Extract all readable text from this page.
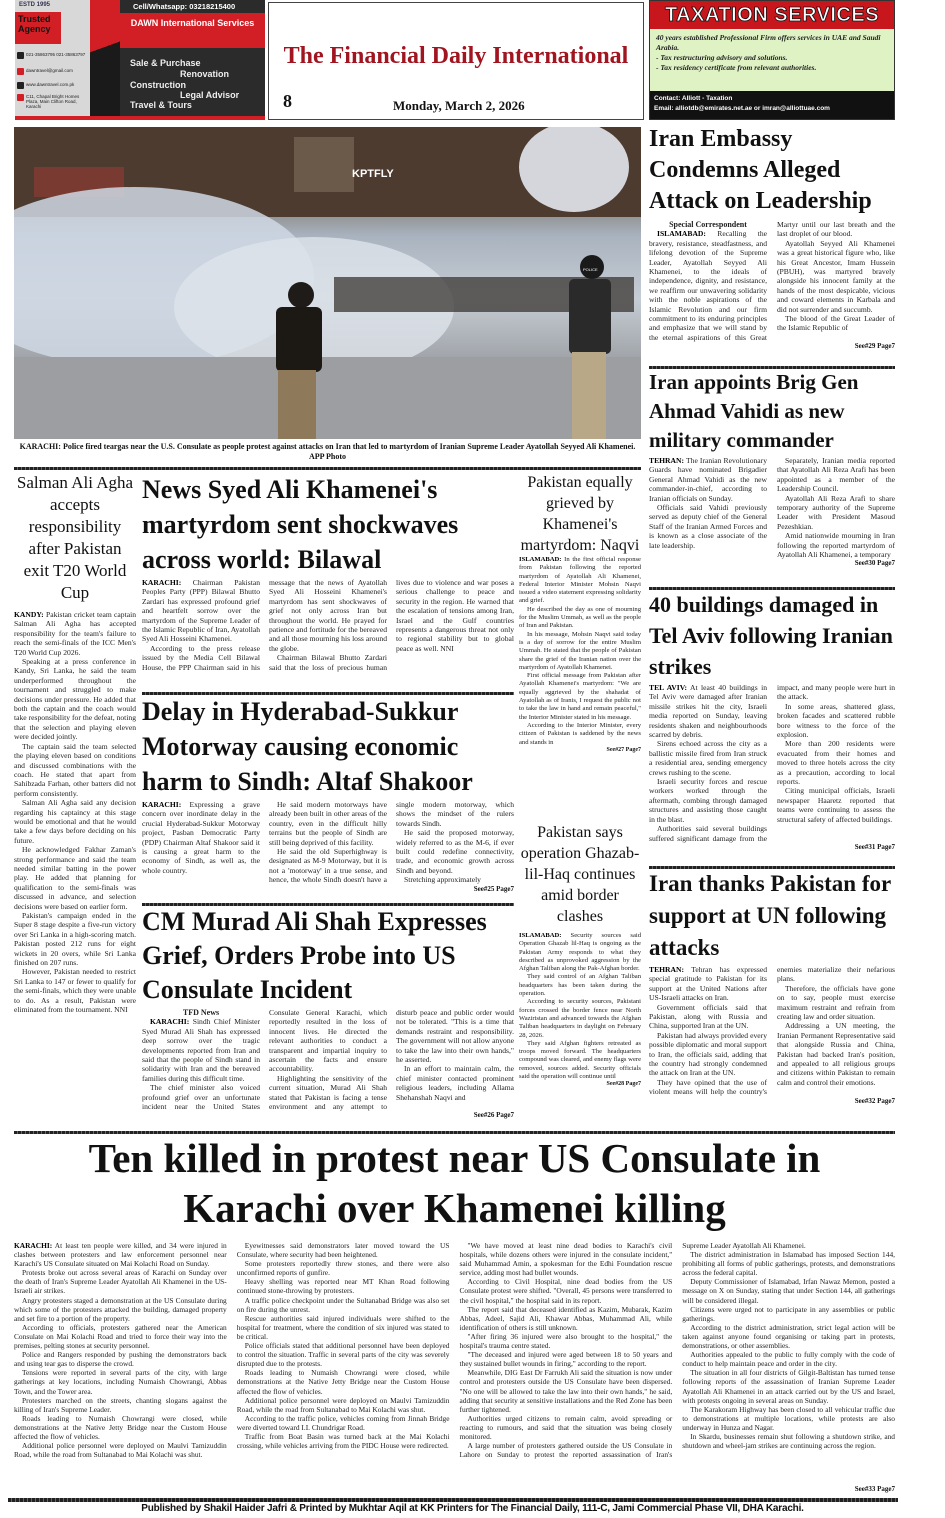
ESTD 1995
Trusted Agency
021-35863795 021-35863797
dawntravel@gmail.com
www.dawntravel.com.pk
C11, Chapal Bright Homes Plaza, Main Clifton Road, Karachi
Cell/Whatsapp: 03218215400
DAWN International Services
Sale & Purchase
Renovation
Construction
Legal Advisor
Travel & Tours
The Financial Daily International
8	Monday, March 2, 2026
TAXATION SERVICES
40 years established Professional Firm offers services in UAE and Saudi Arabia.
- Tax restructuring advisory and solutions.
- Tax residency certificate from relevant authorities.
Contact: Alliott - Taxation
Email: alliotdb@emirates.net.ae or imran@alliottuae.com
KPTFLY
POLICE
KARACHI: Police fired teargas near the U.S. Consulate as people protest against attacks on Iran that led to martyrdom of Iranian Supreme Leader Ayatollah Seyyed Ali Khamenei. APP Photo
Iran Embassy Condemns Alleged Attack on Leadership
Special Correspondent

ISLAMABAD: Recalling the bravery, resistance, steadfastness, and lifelong devotion of the Supreme Leader, Ayatollah Seyyed Ali Khamenei, to the ideals of independence, dignity, and resistance, we reaffirm our unwavering solidarity with the noble aspirations of the Islamic Revolution and our firm commitment to its enduring principles and emphasize that we will stand by the eternal aspirations of this Great Martyr until our last breath and the last droplet of our blood.

Ayatollah Seyyed Ali Khamenei was a great historical figure who, like his Great Ancestor, Imam Hussein (PBUH), was martyred bravely alongside his innocent family at the hands of the most despicable, vicious and coward elements in Karbala and did not surrender and succumb.

The blood of the Great Leader of the Islamic Republic of

See#29 Page7
Iran appoints Brig Gen Ahmad Vahidi as new military commander

TEHRAN: The Iranian Revolutionary Guards have nominated Brigadier General Ahmad Vahidi as the new commander-in-chief, according to Iranian officials on Sunday.

Officials said Vahidi previously served as deputy chief of the General Staff of the Iranian Armed Forces and is known as a close associate of the late leadership.

Separately, Iranian media reported that Ayatollah Ali Reza Arafi has been appointed as a member of the Leadership Council.

Ayatollah Ali Reza Arafi to share temporary authority of the Supreme Leader with President Masoud Pezeshkian.

Amid nationwide mourning in Iran following the reported martyrdom of Ayatollah Ali Khamenei, a temporary

See#30 Page7
40 buildings damaged in Tel Aviv following Iranian strikes

TEL AVIV: At least 40 buildings in Tel Aviv were damaged after Iranian missile strikes hit the city, Israeli media reported on Sunday, leaving residents shaken and neighbourhoods scarred by debris.

Sirens echoed across the city as a ballistic missile fired from Iran struck a residential area, sending emergency crews rushing to the scene.

Israeli security forces and rescue workers worked through the aftermath, combing through damaged structures and assisting those caught in the blast.

Authorities said several buildings suffered significant damage from the impact, and many people were hurt in the attack.

In some areas, shattered glass, broken facades and scattered rubble bore witness to the force of the explosion.

More than 200 residents were evacuated from their homes and moved to three hotels across the city as a precaution, according to local reports.

Citing municipal officials, Israeli newspaper Haaretz reported that teams were continuing to assess the structural safety of affected buildings.

See#31 Page7
Iran thanks Pakistan for support at UN following attacks

TEHRAN: Tehran has expressed special gratitude to Pakistan for its support at the United Nations after US-Israeli attacks on Iran.

Government officials said that Pakistan, along with Russia and China, supported Iran at the UN.

Pakistan had always provided every possible diplomatic and moral support to Iran, the officials said, adding that the country had strongly condemned the attack on Iran at the UN.

They have opined that the use of violent means will help the country's enemies materialize their nefarious plans.

Therefore, the officials have gone on to say, people must exercise maximum restraint and refrain from creating law and order situation.

Addressing a UN meeting, the Iranian Permanent Representative said that alongside Russia and China, Pakistan had backed Iran's position, and appealed to all religious groups and citizens within Pakistan to remain calm and control their emotions.

See#32 Page7
Salman Ali Agha accepts responsibility after Pakistan exit T20 World Cup

KANDY: Pakistan cricket team captain Salman Ali Agha has accepted responsibility for the team's failure to reach the semi-finals of the ICC Men's T20 World Cup 2026.

Speaking at a press conference in Kandy, Sri Lanka, he said the team underperformed throughout the tournament and struggled to make decisions under pressure. He added that both the captain and the coach would take responsibility for the defeat, noting that the selection and playing eleven were decided jointly.

The captain said the team selected the playing eleven based on conditions and discussed combinations with the coach. He stated that apart from Sahibzada Farhan, other batters did not perform consistently.

Salman Ali Agha said any decision regarding his captaincy at this stage would be emotional and that he would take a few days before deciding on his future.

He acknowledged Fakhar Zaman's strong performance and said the team needed similar batting in the power play. He added that planning for qualification to the semi-finals was discussed in advance, and selection decisions were based on earlier form.

Pakistan's campaign ended in the Super 8 stage despite a five-run victory over Sri Lanka in a high-scoring match. Pakistan posted 212 runs for eight wickets in 20 overs, while Sri Lanka finished on 207 runs.

However, Pakistan needed to restrict Sri Lanka to 147 or fewer to qualify for the semi-finals, which they were unable to do. As a result, Pakistan were eliminated from the tournament. NNI

News Syed Ali Khamenei's martyrdom sent shockwaves across world: Bilawal

KARACHI: Chairman Pakistan Peoples Party (PPP) Bilawal Bhutto Zardari has expressed profound grief and heartfelt sorrow over the martyrdom of the Supreme Leader of the Islamic Republic of Iran, Ayatollah Syed Ali Hosseini Khamenei.

According to the press release issued by the Media Cell Bilawal House, the PPP Chairman said in his message that the news of Ayatollah Syed Ali Hosseini Khamenei's martyrdom has sent shockwaves of grief not only across Iran but throughout the world. He prayed for patience and fortitude for the bereaved and all those mourning his loss around the globe.

Chairman Bilawal Bhutto Zardari said that the loss of precious human lives due to violence and war poses a serious challenge to peace and security in the region. He warned that the escalation of tensions among Iran, Israel and the Gulf countries represents a dangerous threat not only to regional stability but to global peace as well. NNI

Delay in Hyderabad-Sukkur Motorway causing economic harm to Sindh: Altaf Shakoor

KARACHI: Expressing a grave concern over inordinate delay in the crucial Hyderabad-Sukkur Motorway project, Pasban Democratic Party (PDP) Chairman Altaf Shakoor said it is causing a great harm to the economy of Sindh, as well as, the whole country.

He said modern motorways have already been built in other areas of the country, even in the difficult hilly terrains but the people of Sindh are still being deprived of this facility.

He said the old Superhighway is designated as M-9 Motorway, but it is not a 'motorway' in a true sense, and hence, the whole Sindh doesn't have a single modern motorway, which shows the mindset of the rulers towards Sindh.

He said the proposed motorway, widely referred to as the M-6, if ever built could redefine connectivity, trade, and economic growth across Sindh and beyond.

Stretching approximately

See#25 Page7
CM Murad Ali Shah Expresses Grief, Orders Probe into US Consulate Incident
TFD News

KARACHI: Sindh Chief Minister Syed Murad Ali Shah has expressed deep sorrow over the tragic developments reported from Iran and said that the people of Sindh stand in solidarity with Iran and the bereaved families during this difficult time.

The chief minister also voiced profound grief over an unfortunate incident near the United States Consulate General Karachi, which reportedly resulted in the loss of innocent lives. He directed the relevant authorities to conduct a transparent and impartial inquiry to ascertain the facts and ensure accountability.

Highlighting the sensitivity of the current situation, Murad Ali Shah stated that Pakistan is facing a tense environment and any attempt to disturb peace and public order would not be tolerated. "This is a time that demands restraint and responsibility. The government will not allow anyone to take the law into their own hands," he asserted.

In an effort to maintain calm, the chief minister contacted prominent religious leaders, including Allama Shehanshah Naqvi and

See#26 Page7
Pakistan equally grieved by Khamenei's martyrdom: Naqvi

ISLAMABAD: In the first official response from Pakistan following the reported martyrdom of Ayatollah Ali Khamenei, Federal Interior Minister Mohsin Naqvi issued a video statement expressing solidarity and grief.

He described the day as one of mourning for the Muslim Ummah, as well as the people of Iran and Pakistan.

In his message, Mohsin Naqvi said today is a day of sorrow for the entire Muslim Ummah. He stated that the people of Pakistan share the grief of the Iranian nation over the martyrdom of Ayatollah Khamenei.

First official message from Pakistan after Ayatollah Khamenei's martyrdom: "We are equally aggrieved by the shahadat of Ayatollah as of Iranis, I request the public not to take the law in hand and remain peaceful," the Interior Minister stated in his message.

According to the Interior Minister, every citizen of Pakistan is saddened by the news and stands in

See#27 Page7
Pakistan says operation Ghazab-lil-Haq continues amid border clashes

ISLAMABAD: Security sources said Operation Ghazab lil-Haq is ongoing as the Pakistan Army responds to what they described as unprovoked aggression by the Afghan Taliban along the Pak-Afghan border.

They said control of an Afghan Taliban headquarters has been taken during the operation.

According to security sources, Pakistani forces crossed the border fence near North Waziristan and advanced towards the Afghan Taliban headquarters in daylight on February 28, 2026.

They said Afghan fighters retreated as troops moved forward. The headquarters compound was cleared, and enemy flags were removed, sources added. Security officials said the operation will continue until

See#28 Page7
Ten killed in protest near US Consulate in Karachi over Khamenei killing

KARACHI: At least ten people were killed, and 34 were injured in clashes between protesters and law enforcement personnel near Karachi's US Consulate situated on Mai Kolachi Road on Sunday.

Protests broke out across several areas of Karachi on Sunday over the death of Iran's Supreme Leader Ayatollah Ali Khamenei in the US-Israeli air strikes.

Angry protesters staged a demonstration at the US Consulate during which some of the protesters attacked the building, damaged property and set fire to a portion of the property.

According to officials, protesters gathered near the American Consulate on Mai Kolachi Road and tried to force their way into the premises, pelting stones at security personnel.

Police and Rangers responded by pushing the demonstrators back and using tear gas to disperse the crowd.

Tensions were reported in several parts of the city, with large gatherings at key locations, including Numaish Chowrangi, Abbas Town, and the Tower area.

Protesters marched on the streets, chanting slogans against the killing of Iran's Supreme Leader.

Roads leading to Numaish Chowrangi were closed, while demonstrations at the Native Jetty Bridge near the Custom House affected the flow of vehicles.

Additional police personnel were deployed on Maulvi Tamizuddin Road, while the road from Sultanabad to Mai Kolachi was shut.

Eyewitnesses said demonstrators later moved toward the US Consulate, where security had been heightened.

Some protesters reportedly threw stones, and there were also unconfirmed reports of gunfire.

Heavy shelling was reported near MT Khan Road following continued stone-throwing by protesters.

A traffic police checkpoint under the Sultanabad Bridge was also set on fire during the unrest.

Rescue authorities said injured individuals were shifted to the hospital for treatment, where the condition of six injured was stated to be critical.

Police officials stated that additional personnel have been deployed to control the situation. Traffic in several parts of the city was severely disrupted due to the protests.

Roads leading to Numaish Chowrangi were closed, while demonstrations at the Native Jetty Bridge near the Custom House affected the flow of vehicles.

Additional police personnel were deployed on Maulvi Tamizuddin Road, while the road from Sultanabad to Mai Kolachi was shut.

According to the traffic police, vehicles coming from Jinnah Bridge were diverted toward I.I. Chundrigar Road.

Traffic from Boat Basin was turned back at the Mai Kolachi crossing, while vehicles arriving from the PIDC House were redirected.

"We have moved at least nine dead bodies to Karachi's civil hospitals, while dozens others were injured in the consulate incident," said Muhammad Amin, a spokesman for the Edhi Foundation rescue service, adding most had bullet wounds.

According to Civil Hospital, nine dead bodies from the US Consulate protest were shifted. "Overall, 45 persons were transferred to the civil hospital," the hospital said in its report.

The report said that deceased identified as Kazim, Mubarak, Kazim Abbas, Adeel, Sajid Ali, Khawar Abbas, Muhammad Ali, while identification of others is still unknown.

"After firing 36 injured were also brought to the hospital," the hospital's trauma centre stated.

"The deceased and injured were aged between 18 to 50 years and they sustained bullet wounds in firing," according to the report.

Meanwhile, DIG East Dr Farrukh Ali said the situation is now under control and protesters outside the US Consulate have been dispersed. "No one will be allowed to take the law into their own hands," he said, adding that security at sensitive installations and the Red Zone has been further tightened.

Authorities urged citizens to remain calm, avoid spreading or reacting to rumours, and said that the situation was being closely monitored.

A large number of protesters gathered outside the US Consulate in Lahore on Sunday to protest the reported assassination of Iran's Supreme Leader Ayatollah Ali Khamenei.

The district administration in Islamabad has imposed Section 144, prohibiting all forms of public gatherings, protests, and demonstrations across the federal capital.

Deputy Commissioner of Islamabad, Irfan Nawaz Memon, posted a message on X on Sunday, stating that under Section 144, all gatherings will be considered illegal.

Citizens were urged not to participate in any assemblies or public gatherings.

According to the district administration, strict legal action will be taken against anyone found organising or taking part in protests, demonstrations, or other assemblies.

Authorities appealed to the public to fully comply with the code of conduct to help maintain peace and order in the city.

The situation in all four districts of Gilgit-Baltistan has turned tense following reports of the assassination of Iranian Supreme Leader Ayatollah Ali Khamenei in an attack carried out by the US and Israel, with protests ongoing in several areas on Sunday.

The Karakoram Highway has been closed to all vehicular traffic due to demonstrations at multiple locations, while protests are also underway in Hunza and Nagar.

In Skardu, businesses remain shut following a shutdown strike, and shutdown and wheel-jam strikes are continuing across the region.

See#33 Page7
Published by Shakil Haider Jafri & Printed by Mukhtar Aqil at KK Printers for The Financial Daily, 111-C, Jami Commercial Phase VII, DHA Karachi.
